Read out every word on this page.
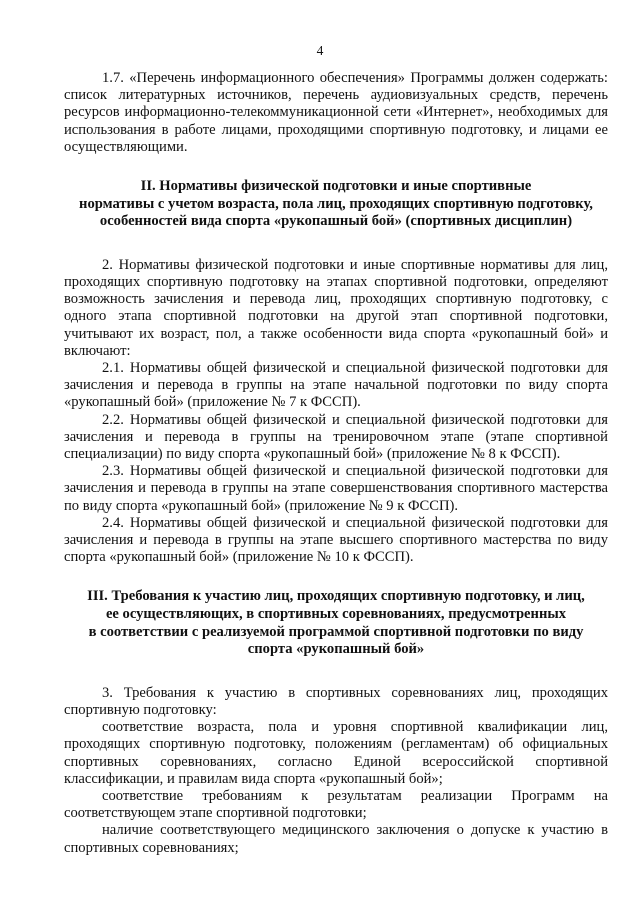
4

1.7. «Перечень информационного обеспечения» Программы должен содержать: список литературных источников, перечень аудиовизуальных средств, перечень ресурсов информационно-телекоммуникационной сети «Интернет», необходимых для использования в работе лицами, проходящими спортивную подготовку, и лицами ее осуществляющими.

II. Нормативы физической подготовки и иные спортивные
нормативы с учетом возраста, пола лиц, проходящих спортивную подготовку,
особенностей вида спорта «рукопашный бой» (спортивных дисциплин)

2. Нормативы физической подготовки и иные спортивные нормативы для лиц, проходящих спортивную подготовку на этапах спортивной подготовки, определяют возможность зачисления и перевода лиц, проходящих спортивную подготовку, с одного этапа спортивной подготовки на другой этап спортивной подготовки, учитывают их возраст, пол, а также особенности вида спорта «рукопашный бой» и включают:

2.1. Нормативы общей физической и специальной физической подготовки для зачисления и перевода в группы на этапе начальной подготовки по виду спорта «рукопашный бой» (приложение № 7 к ФССП).

2.2. Нормативы общей физической и специальной физической подготовки для зачисления и перевода в группы на тренировочном этапе (этапе спортивной специализации) по виду спорта «рукопашный бой» (приложение № 8 к ФССП).

2.3. Нормативы общей физической и специальной физической подготовки для зачисления и перевода в группы на этапе совершенствования спортивного мастерства по виду спорта «рукопашный бой» (приложение № 9 к ФССП).

2.4. Нормативы общей физической и специальной физической подготовки для зачисления и перевода в группы на этапе высшего спортивного мастерства по виду спорта «рукопашный бой» (приложение № 10 к ФССП).

III. Требования к участию лиц, проходящих спортивную подготовку, и лиц,
ее осуществляющих, в спортивных соревнованиях, предусмотренных
в соответствии с реализуемой программой спортивной подготовки по виду
спорта «рукопашный бой»

3. Требования к участию в спортивных соревнованиях лиц, проходящих спортивную подготовку:

соответствие возраста, пола и уровня спортивной квалификации лиц, проходящих спортивную подготовку, положениям (регламентам) об официальных спортивных соревнованиях, согласно Единой всероссийской спортивной классификации, и правилам вида спорта «рукопашный бой»;

соответствие требованиям к результатам реализации Программ на соответствующем этапе спортивной подготовки;

наличие соответствующего медицинского заключения о допуске к участию в спортивных соревнованиях;
